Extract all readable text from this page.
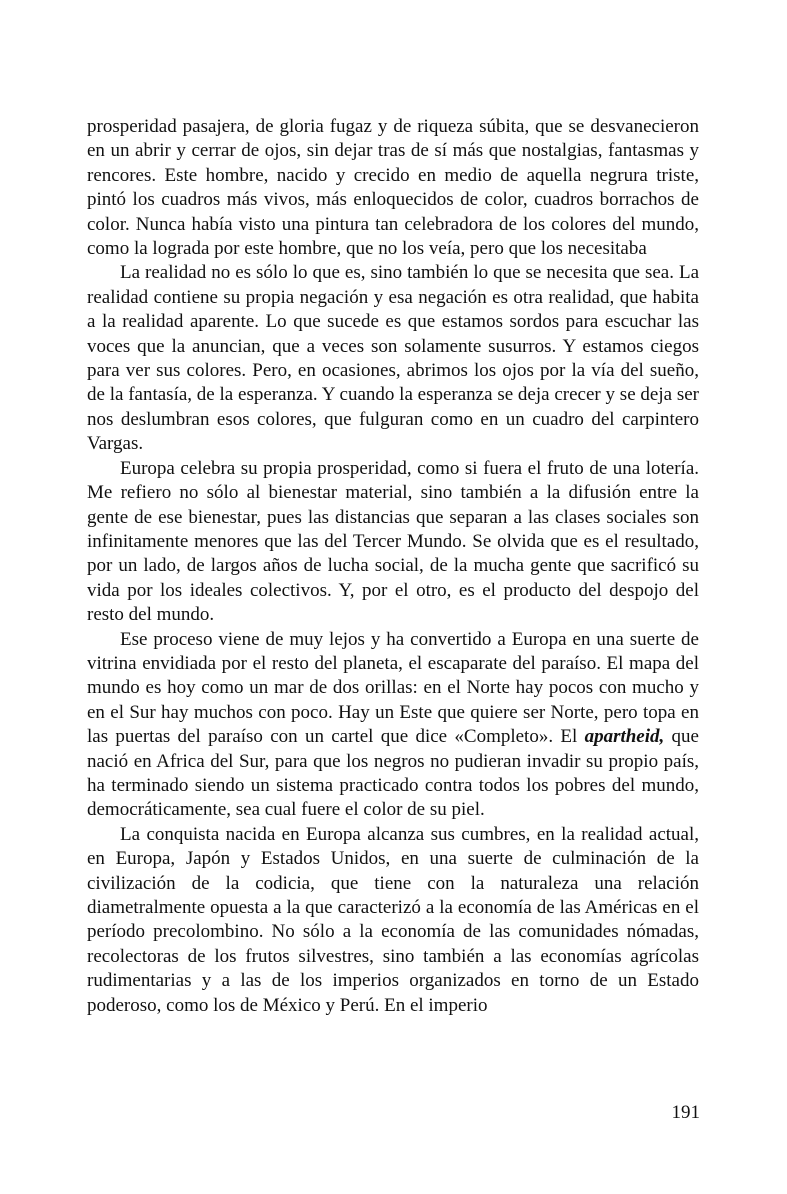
prosperidad pasajera, de gloria fugaz y de riqueza súbita, que se desvanecieron en un abrir y cerrar de ojos, sin dejar tras de sí más que nostalgias, fantasmas y rencores. Este hombre, nacido y crecido en medio de aquella negrura triste, pintó los cuadros más vivos, más enloquecidos de color, cuadros borrachos de color. Nunca había visto una pintura tan celebradora de los colores del mundo, como la lograda por este hombre, que no los veía, pero que los necesitaba

La realidad no es sólo lo que es, sino también lo que se necesita que sea. La realidad contiene su propia negación y esa negación es otra realidad, que habita a la realidad aparente. Lo que sucede es que estamos sordos para escuchar las voces que la anuncian, que a veces son solamente susurros. Y estamos ciegos para ver sus colores. Pero, en ocasiones, abrimos los ojos por la vía del sueño, de la fantasía, de la esperanza. Y cuando la esperanza se deja crecer y se deja ser nos deslumbran esos colores, que fulguran como en un cuadro del carpintero Vargas.

Europa celebra su propia prosperidad, como si fuera el fruto de una lotería. Me refiero no sólo al bienestar material, sino también a la difusión entre la gente de ese bienestar, pues las distancias que separan a las clases sociales son infinitamente menores que las del Tercer Mundo. Se olvida que es el resultado, por un lado, de largos años de lucha social, de la mucha gente que sacrificó su vida por los ideales colectivos. Y, por el otro, es el producto del despojo del resto del mundo.

Ese proceso viene de muy lejos y ha convertido a Europa en una suerte de vitrina envidiada por el resto del planeta, el escaparate del paraíso. El mapa del mundo es hoy como un mar de dos orillas: en el Norte hay pocos con mucho y en el Sur hay muchos con poco. Hay un Este que quiere ser Norte, pero topa en las puertas del paraíso con un cartel que dice «Completo». El apartheid, que nació en Africa del Sur, para que los negros no pudieran invadir su propio país, ha terminado siendo un sistema practicado contra todos los pobres del mundo, democráticamente, sea cual fuere el color de su piel.

La conquista nacida en Europa alcanza sus cumbres, en la realidad actual, en Europa, Japón y Estados Unidos, en una suerte de culminación de la civilización de la codicia, que tiene con la naturaleza una relación diametralmente opuesta a la que caracterizó a la economía de las Américas en el período precolombino. No sólo a la economía de las comunidades nómadas, recolectoras de los frutos silvestres, sino también a las economías agrícolas rudimentarias y a las de los imperios organizados en torno de un Estado poderoso, como los de México y Perú. En el imperio

191
